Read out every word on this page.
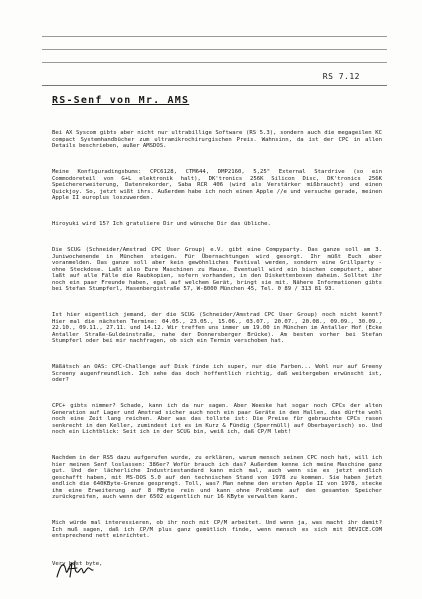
RS 7.12
RS-Senf von Mr. AMS

Bei AX Syscom gibts aber nicht nur ultrabillige Software (RS 5.3), sondern auch die megageilen KC compact Systemhandbücher zum ultramikrochirurgischen Preis. Wahnsinn, da ist der CPC in allen Details beschrieben, außer AMSDOS.

Meine Konfiguradingsbums: CPC6128, CTM644, DMP2160, 5,25" External Stardrive (so ein Commodoreteil von G+L elektronik halt), DK'tronics 256K Silicon Disc, DK'tronics 256K Speichererweiterung, Datenrekorder, Saba RCR 406 (wird als Verstärker mißbraucht) und einen Quickjoy. So, jetzt wißt ihrs. Außerdem habe ich noch einen Apple //e und versuche gerade, meinen Apple II europlus loszuwerden.

Hiroyuki wird 15? Ich gratuliere Dir und wünsche Dir das übliche.

Die SCUG (Schneider/Amstrad CPC User Group) e.V. gibt eine Compyparty. Das ganze soll am 3. Juniwochenende in München steigen. Für Übernachtungen wird gesorgt. Ihr müßt Euch aber voranmelden. Das ganze soll aber kein gewöhnliches Festival werden, sondern eine Grillparty - ohne Steckdose. Laßt also Eure Maschinen zu Hause. Eventuell wird ein bischen computert, aber laßt auf alle Fälle die Raubkopien, sofern vorhanden, in den Diskettenboxen daheim. Solltet ihr noch ein paar Freunde haben, egal auf welchem Gerät, bringt sie mit. Nähere Informationen gibts bei Stefan Stumpferl, Hasenbergistraße 57, W-8000 München 45, Tel. 0 89 / 313 81 93.

Ist hier eigentlich jemand, der die SCUG (Schneider/Amstrad CPC User Group) noch nicht kennt? Hier mal die nächsten Termine: 04.05., 23.05., 15.06., 03.07., 20.07., 20.08., 09.09., 30.09., 22.10., 09.11., 27.11. und 14.12. Wir treffen uns immer um 19.00 in München im Antaller Hof (Ecke Antaller Straße-Guldeinstraße, nahe der Donnersberger Brücke). Am besten vorher bei Stefan Stumpferl oder bei mir nachfragen, ob sich ein Termin verschoben hat.

Mäßätsch an OAS: CPC-Challenge auf Disk finde ich super, nur die Farben... Wohl nur auf Greeny Screeny augenfreundlich. Ich sehe das doch hoffentlich richtig, daß weitergeben erwünscht ist, oder?

CPC+ gibts nimmer? Schade, kann ich da nur sagen. Aber Weeske hat sogar noch CPCs der alten Generation auf Lager und Amstrad sicher auch noch ein paar Geräte in den Hallen, das dürfte wohl noch eine Zeit lang reichen. Aber was das tollste ist: Die Preise für gebrauchte CPCs rasen senkrecht in den Keller, zumindest ist es im Kurz & Fündig (Sperrmüll) auf Oberbayerisch) so. Und noch ein Lichtblick: Seit ich in der SCUG bin, weiß ich, daß CP/M lebt!

Nachdem in der RS5 dazu aufgerufen wurde, zu erklären, warum mensch seinen CPC noch hat, will ich hier meinen Senf loslassen: 386er? Wofür brauch ich das? Außerdem kenne ich meine Maschine ganz gut. Und der lächerliche Industriestandard kann mich mal, auch wenn sie es jetzt endlich geschafft haben, mit MS-DOS 5.0 auf den technischen Stand von 1978 zu kommen. Sie haben jetzt endlich die 640KByte-Grenze gesprengt. Toll, was? Man nehme den ersten Apple II von 1978, stecke ihm eine Erweiterung auf 8 MByte rein und kann ohne Probleme auf den gesamten Speicher zurückgreifen, auch wenn der 6502 eigentlich nur 16 KByte verwalten kann.

Mich würde mal interessieren, ob ihr noch mit CP/M arbeitet. Und wenn ja, was macht ihr damit? Ich muß sagen, daß ich CP/M plus ganz gemütlich finde, wenn mensch es sich mit DEVICE.COM entsprechend nett einrichtet.

Very best byte,
